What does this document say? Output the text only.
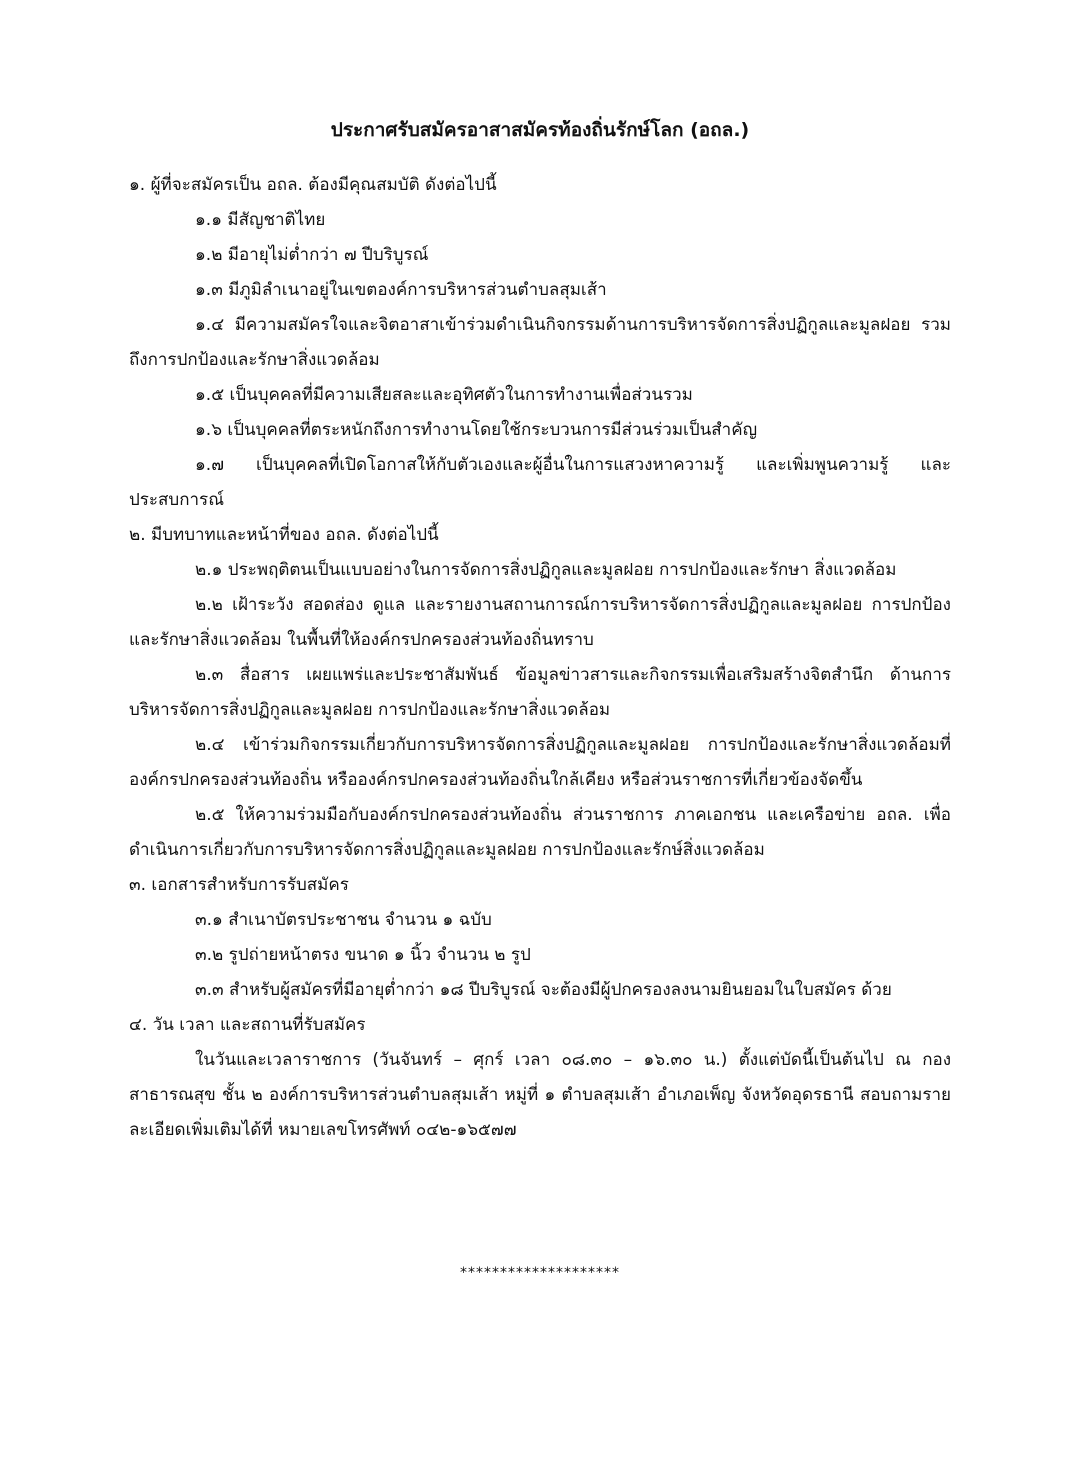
ประกาศรับสมัครอาสาสมัครท้องถิ่นรักษ์โลก (อถล.)

๑. ผู้ที่จะสมัครเป็น อถล. ต้องมีคุณสมบัติ ดังต่อไปนี้

๑.๑ มีสัญชาติไทย

๑.๒ มีอายุไม่ต่ำกว่า ๗ ปีบริบูรณ์

๑.๓ มีภูมิลำเนาอยู่ในเขตองค์การบริหารส่วนตำบลสุมเส้า

๑.๔ มีความสมัครใจและจิตอาสาเข้าร่วมดำเนินกิจกรรมด้านการบริหารจัดการสิ่งปฏิกูลและมูลฝอย รวมถึงการปกป้องและรักษาสิ่งแวดล้อม

๑.๕ เป็นบุคคลที่มีความเสียสละและอุทิศตัวในการทำงานเพื่อส่วนรวม

๑.๖ เป็นบุคคลที่ตระหนักถึงการทำงานโดยใช้กระบวนการมีส่วนร่วมเป็นสำคัญ

๑.๗ เป็นบุคคลที่เปิดโอกาสให้กับตัวเองและผู้อื่นในการแสวงหาความรู้ และเพิ่มพูนความรู้ และประสบการณ์

๒. มีบทบาทและหน้าที่ของ อถล. ดังต่อไปนี้

๒.๑ ประพฤติตนเป็นแบบอย่างในการจัดการสิ่งปฏิกูลและมูลฝอย การปกป้องและรักษา สิ่งแวดล้อม

๒.๒ เฝ้าระวัง สอดส่อง ดูแล และรายงานสถานการณ์การบริหารจัดการสิ่งปฏิกูลและมูลฝอย การปกป้องและรักษาสิ่งแวดล้อม ในพื้นที่ให้องค์กรปกครองส่วนท้องถิ่นทราบ

๒.๓ สื่อสาร เผยแพร่และประชาสัมพันธ์ ข้อมูลข่าวสารและกิจกรรมเพื่อเสริมสร้างจิตสำนึก ด้านการบริหารจัดการสิ่งปฏิกูลและมูลฝอย การปกป้องและรักษาสิ่งแวดล้อม

๒.๔ เข้าร่วมกิจกรรมเกี่ยวกับการบริหารจัดการสิ่งปฏิกูลและมูลฝอย การปกป้องและรักษาสิ่งแวดล้อมที่องค์กรปกครองส่วนท้องถิ่น หรือองค์กรปกครองส่วนท้องถิ่นใกล้เคียง หรือส่วนราชการที่เกี่ยวข้องจัดขึ้น

๒.๕ ให้ความร่วมมือกับองค์กรปกครองส่วนท้องถิ่น ส่วนราชการ ภาคเอกชน และเครือข่าย อถล. เพื่อดำเนินการเกี่ยวกับการบริหารจัดการสิ่งปฏิกูลและมูลฝอย การปกป้องและรักษ์สิ่งแวดล้อม

๓. เอกสารสำหรับการรับสมัคร

๓.๑ สำเนาบัตรประชาชน จำนวน ๑ ฉบับ

๓.๒ รูปถ่ายหน้าตรง ขนาด ๑ นิ้ว จำนวน ๒ รูป

๓.๓ สำหรับผู้สมัครที่มีอายุต่ำกว่า ๑๘ ปีบริบูรณ์ จะต้องมีผู้ปกครองลงนามยินยอมในใบสมัคร ด้วย

๔. วัน เวลา และสถานที่รับสมัคร

ในวันและเวลาราชการ (วันจันทร์ – ศุกร์ เวลา ๐๘.๓๐ – ๑๖.๓๐ น.) ตั้งแต่บัดนี้เป็นต้นไป ณ กองสาธารณสุข ชั้น ๒ องค์การบริหารส่วนตำบลสุมเส้า หมู่ที่ ๑ ตำบลสุมเส้า อำเภอเพ็ญ จังหวัดอุดรธานี สอบถามรายละเอียดเพิ่มเติมได้ที่ หมายเลขโทรศัพท์ ๐๔๒-๑๖๕๗๗

********************
